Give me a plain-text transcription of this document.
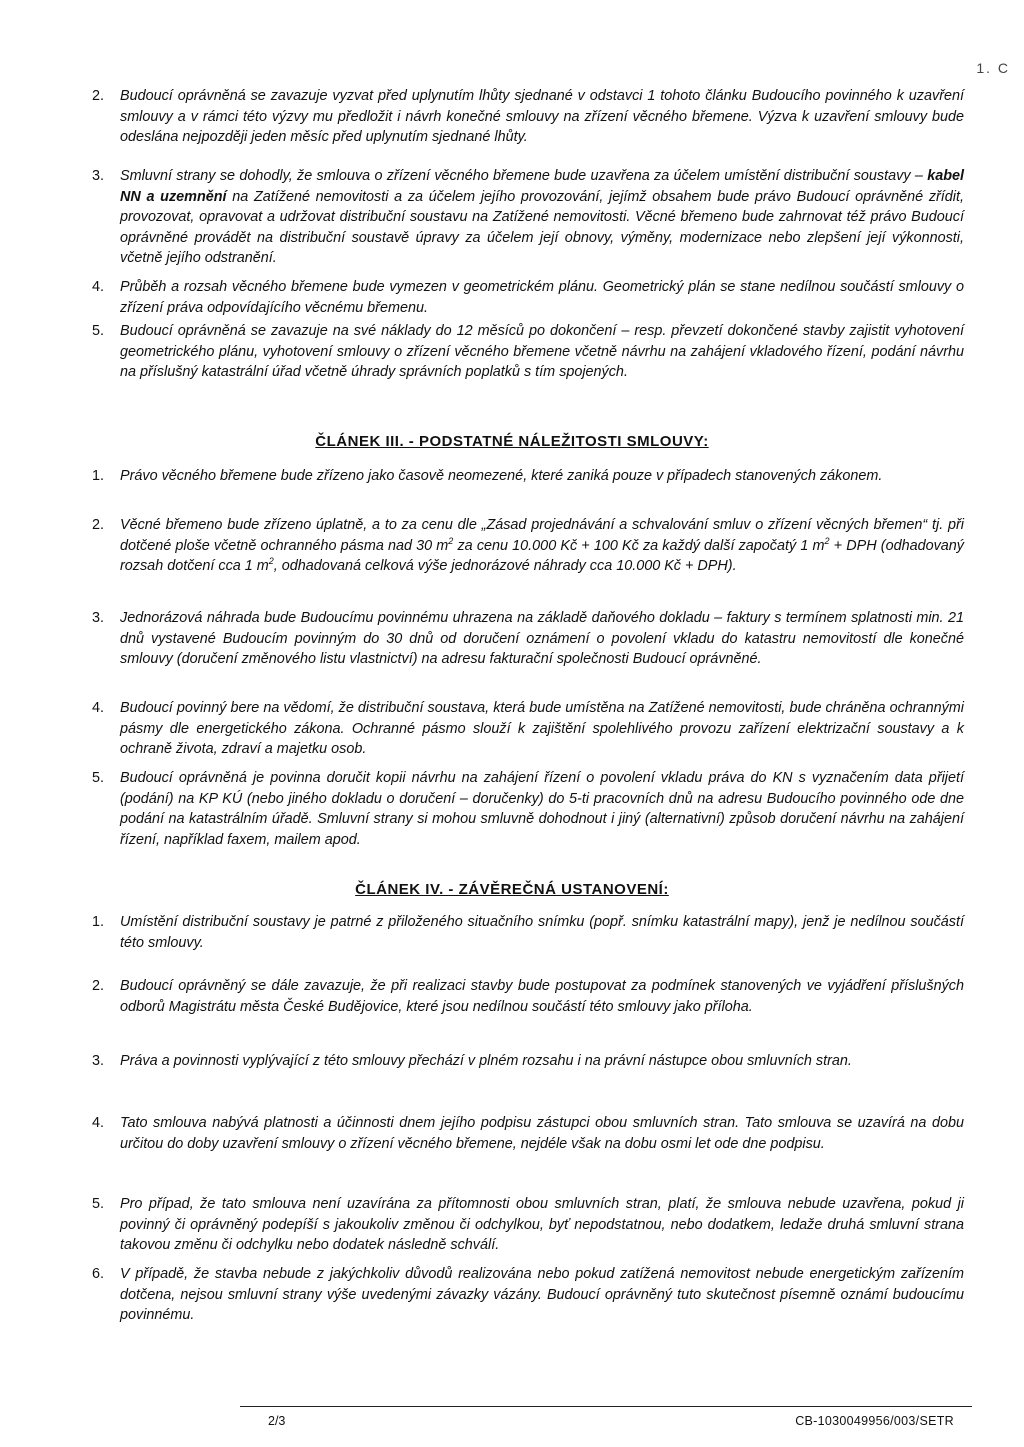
1. C

2.	Budoucí oprávněná se zavazuje vyzvat před uplynutím lhůty sjednané v odstavci 1 tohoto článku Budoucího povinného k uzavření smlouvy a v rámci této výzvy mu předložit i návrh konečné smlouvy na zřízení věcného břemene. Výzva k uzavření smlouvy bude odeslána nejpozději jeden měsíc před uplynutím sjednané lhůty.

3.	Smluvní strany se dohodly, že smlouva o zřízení věcného břemene bude uzavřena za účelem umístění distribuční soustavy – kabel NN a uzemnění na Zatížené nemovitosti a za účelem jejího provozování, jejímž obsahem bude právo Budoucí oprávněné zřídit, provozovat, opravovat a udržovat distribuční soustavu na Zatížené nemovitosti. Věcné břemeno bude zahrnovat též právo Budoucí oprávněné provádět na distribuční soustavě úpravy za účelem její obnovy, výměny, modernizace nebo zlepšení její výkonnosti, včetně jejího odstranění.

4.	Průběh a rozsah věcného břemene bude vymezen v geometrickém plánu. Geometrický plán se stane nedílnou součástí smlouvy o zřízení práva odpovídajícího věcnému břemenu.

5.	Budoucí oprávněná se zavazuje na své náklady do 12 měsíců po dokončení – resp. převzetí dokončené stavby zajistit vyhotovení geometrického plánu, vyhotovení smlouvy o zřízení věcného břemene včetně návrhu na zahájení vkladového řízení, podání návrhu na příslušný katastrální úřad včetně úhrady správních poplatků s tím spojených.

ČLÁNEK III. - PODSTATNÉ NÁLEŽITOSTI SMLOUVY:

1.	Právo věcného břemene bude zřízeno jako časově neomezené, které zaniká pouze v případech stanovených zákonem.

2.	Věcné břemeno bude zřízeno úplatně, a to za cenu dle „Zásad projednávání a schvalování smluv o zřízení věcných břemen“ tj. při dotčené ploše včetně ochranného pásma nad 30 $m^2$ za cenu 10.000 Kč + 100 Kč za každý další započatý 1 $m^2$ + DPH (odhadovaný rozsah dotčení cca 1 $m^2$, odhadovaná celková výše jednorázové náhrady cca 10.000 Kč + DPH).

3.	Jednorázová náhrada bude Budoucímu povinnému uhrazena na základě daňového dokladu – faktury s termínem splatnosti min. 21 dnů vystavené Budoucím povinným do 30 dnů od doručení oznámení o povolení vkladu do katastru nemovitostí dle konečné smlouvy (doručení změnového listu vlastnictví) na adresu fakturační společnosti Budoucí oprávněné.

4.	Budoucí povinný bere na vědomí, že distribuční soustava, která bude umístěna na Zatížené nemovitosti, bude chráněna ochrannými pásmy dle energetického zákona. Ochranné pásmo slouží k zajištění spolehlivého provozu zařízení elektrizační soustavy a k ochraně života, zdraví a majetku osob.

5.	Budoucí oprávněná je povinna doručit kopii návrhu na zahájení řízení o povolení vkladu práva do KN s vyznačením data přijetí (podání) na KP KÚ (nebo jiného dokladu o doručení – doručenky) do 5-ti pracovních dnů na adresu Budoucího povinného ode dne podání na katastrálním úřadě. Smluvní strany si mohou smluvně dohodnout i jiný (alternativní) způsob doručení návrhu na zahájení řízení, například faxem, mailem apod.

ČLÁNEK IV. - ZÁVĚREČNÁ USTANOVENÍ:

1.	Umístění distribuční soustavy je patrné z přiloženého situačního snímku (popř. snímku katastrální mapy), jenž je nedílnou součástí této smlouvy.

2.	Budoucí oprávněný se dále zavazuje, že při realizaci stavby bude postupovat za podmínek stanovených ve vyjádření příslušných odborů Magistrátu města České Budějovice, které jsou nedílnou součástí této smlouvy jako příloha.

3.	Práva a povinnosti vyplývající z této smlouvy přechází v plném rozsahu i na právní nástupce obou smluvních stran.

4.	Tato smlouva nabývá platnosti a účinnosti dnem jejího podpisu zástupci obou smluvních stran. Tato smlouva se uzavírá na dobu určitou do doby uzavření smlouvy o zřízení věcného břemene, nejdéle však na dobu osmi let ode dne podpisu.

5.	Pro případ, že tato smlouva není uzavírána za přítomnosti obou smluvních stran, platí, že smlouva nebude uzavřena, pokud ji povinný či oprávněný podepíší s jakoukoliv změnou či odchylkou, byť nepodstatnou, nebo dodatkem, ledaže druhá smluvní strana takovou změnu či odchylku nebo dodatek následně schválí.

6.	V případě, že stavba nebude z jakýchkoliv důvodů realizována nebo pokud zatížená nemovitost nebude energetickým zařízením dotčena, nejsou smluvní strany výše uvedenými závazky vázány. Budoucí oprávněný tuto skutečnost písemně oznámí budoucímu povinnému.

2/3	CB-1030049956/003/SETR
